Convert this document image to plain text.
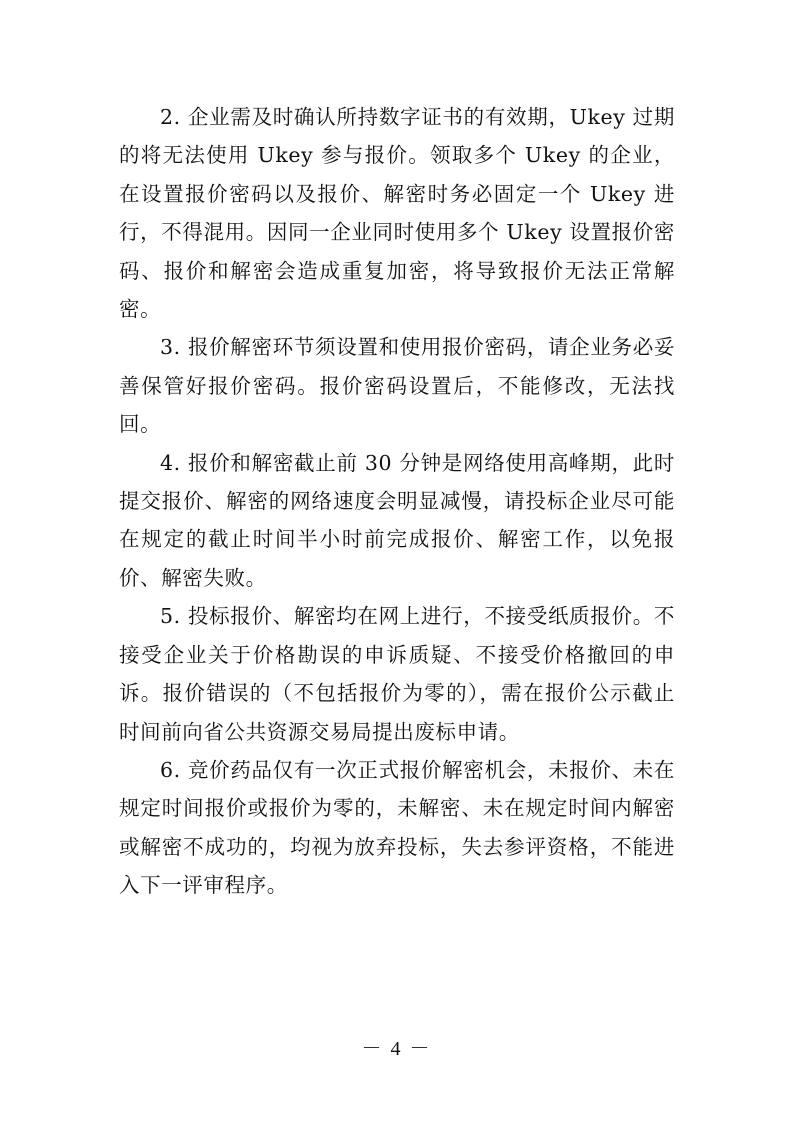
2. 企业需及时确认所持数字证书的有效期，Ukey 过期的将无法使用 Ukey 参与报价。领取多个 Ukey 的企业，在设置报价密码以及报价、解密时务必固定一个 Ukey 进行，不得混用。因同一企业同时使用多个 Ukey 设置报价密码、报价和解密会造成重复加密，将导致报价无法正常解密。

3. 报价解密环节须设置和使用报价密码，请企业务必妥善保管好报价密码。报价密码设置后，不能修改，无法找回。

4. 报价和解密截止前 30 分钟是网络使用高峰期，此时提交报价、解密的网络速度会明显减慢，请投标企业尽可能在规定的截止时间半小时前完成报价、解密工作，以免报价、解密失败。

5. 投标报价、解密均在网上进行，不接受纸质报价。不接受企业关于价格勘误的申诉质疑、不接受价格撤回的申诉。报价错误的（不包括报价为零的），需在报价公示截止时间前向省公共资源交易局提出废标申请。

6. 竞价药品仅有一次正式报价解密机会，未报价、未在规定时间报价或报价为零的，未解密、未在规定时间内解密或解密不成功的，均视为放弃投标，失去参评资格，不能进入下一评审程序。

－ 4 －
